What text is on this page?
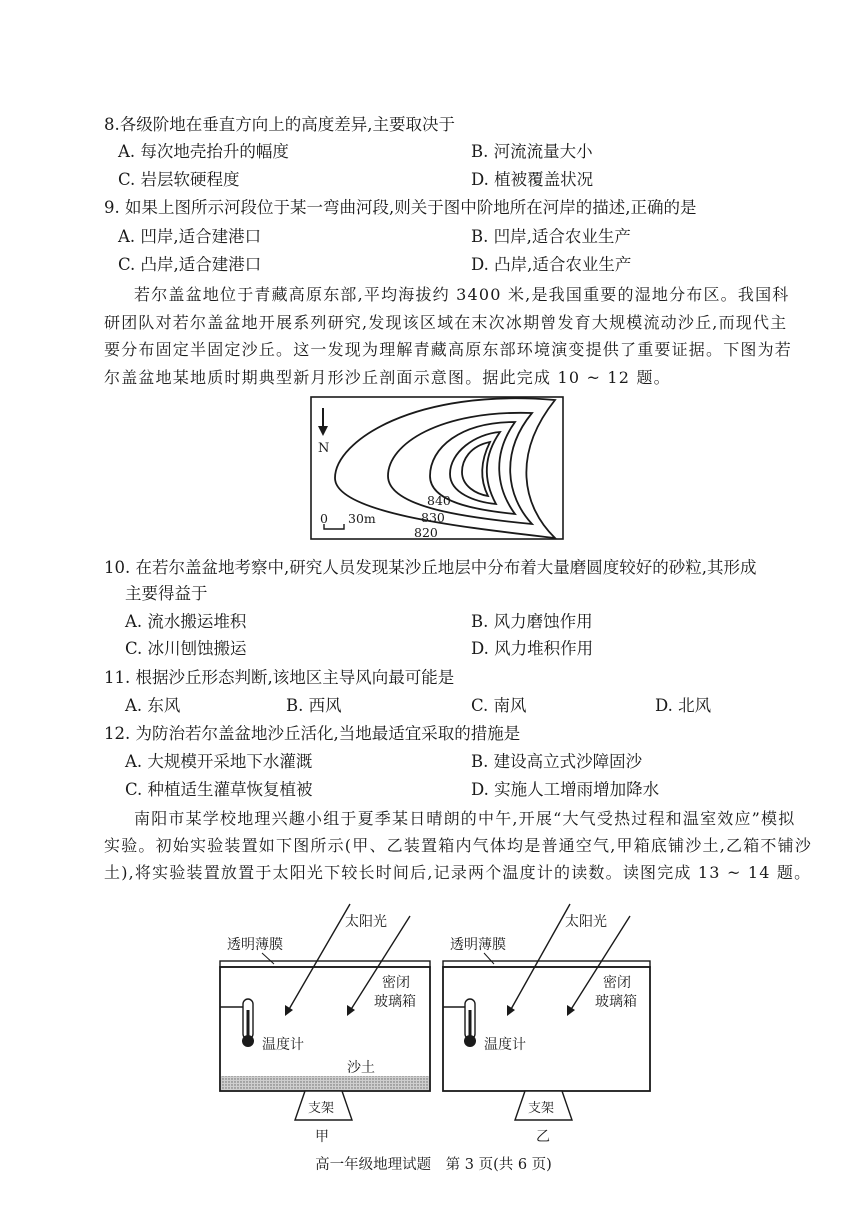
8.各级阶地在垂直方向上的高度差异,主要取决于
A. 每次地壳抬升的幅度	B. 河流流量大小
C. 岩层软硬程度	D. 植被覆盖状况
9. 如果上图所示河段位于某一弯曲河段,则关于图中阶地所在河岸的描述,正确的是
A. 凹岸,适合建港口	B. 凹岸,适合农业生产
C. 凸岸,适合建港口	D. 凸岸,适合农业生产
若尔盖盆地位于青藏高原东部,平均海拔约 3400 米,是我国重要的湿地分布区。我国科
研团队对若尔盖盆地开展系列研究,发现该区域在末次冰期曾发育大规模流动沙丘,而现代主
要分布固定半固定沙丘。这一发现为理解青藏高原东部环境演变提供了重要证据。下图为若
尔盖盆地某地质时期典型新月形沙丘剖面示意图。据此完成 10 ~ 12 题。
N
840
830
820
0 30m
10. 在若尔盖盆地考察中,研究人员发现某沙丘地层中分布着大量磨圆度较好的砂粒,其形成
主要得益于
A. 流水搬运堆积	B. 风力磨蚀作用
C. 冰川刨蚀搬运	D. 风力堆积作用
11. 根据沙丘形态判断,该地区主导风向最可能是
A. 东风	B. 西风	C. 南风	D. 北风
12. 为防治若尔盖盆地沙丘活化,当地最适宜采取的措施是
A. 大规模开采地下水灌溉	B. 建设高立式沙障固沙
C. 种植适生灌草恢复植被	D. 实施人工增雨增加降水
南阳市某学校地理兴趣小组于夏季某日晴朗的中午,开展“大气受热过程和温室效应”模拟
实验。初始实验装置如下图所示(甲、乙装置箱内气体均是普通空气,甲箱底铺沙土,乙箱不铺沙
土),将实验装置放置于太阳光下较长时间后,记录两个温度计的读数。读图完成 13 ~ 14 题。
透明薄膜
沙土
太阳光
密闭
玻璃箱
温度计
支架
甲
透明薄膜
太阳光
密闭
玻璃箱
温度计
支架
乙
高一年级地理试题　第 3 页(共 6 页)
